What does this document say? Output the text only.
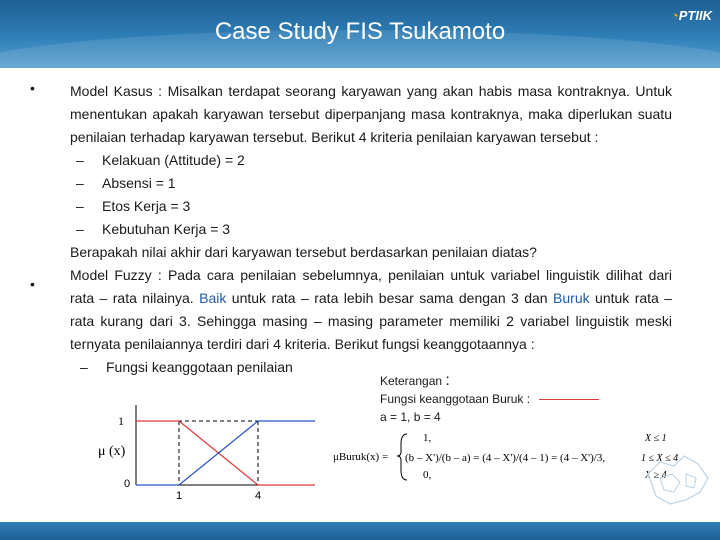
Case Study FIS Tsukamoto
◔PTIIK
•
•
Model Kasus : Misalkan terdapat seorang karyawan yang akan habis masa kontraknya. Untuk menentukan apakah karyawan tersebut diperpanjang masa kontraknya, maka diperlukan suatu penilaian terhadap karyawan tersebut. Berikut 4 kriteria penilaian karyawan tersebut :
– Kelakuan (Attitude) = 2
– Absensi = 1
– Etos Kerja = 3
– Kebutuhan Kerja = 3
Berapakah nilai akhir dari karyawan tersebut berdasarkan penilaian diatas?
Model Fuzzy : Pada cara penilaian sebelumnya, penilaian untuk variabel linguistik dilihat dari rata – rata nilainya. Baik untuk rata – rata lebih besar sama dengan 3 dan Buruk untuk rata – rata kurang dari 3. Sehingga masing – masing parameter memiliki 2 variabel linguistik meski ternyata penilaiannya terdiri dari 4 kriteria. Berikut fungsi keanggotaannya :
– Fungsi keanggotaan penilaian
1
μ (x)
0
1	4
Keterangan :
Fungsi keanggotaan Buruk :
a = 1, b = 4
μBuruk(x) =
1,
(b – X')/(b – a) = (4 – X')/(4 – 1) = (4 – X')/3,
0,
X ≤ 1
1 ≤ X ≤ 4
X ≥ 4
